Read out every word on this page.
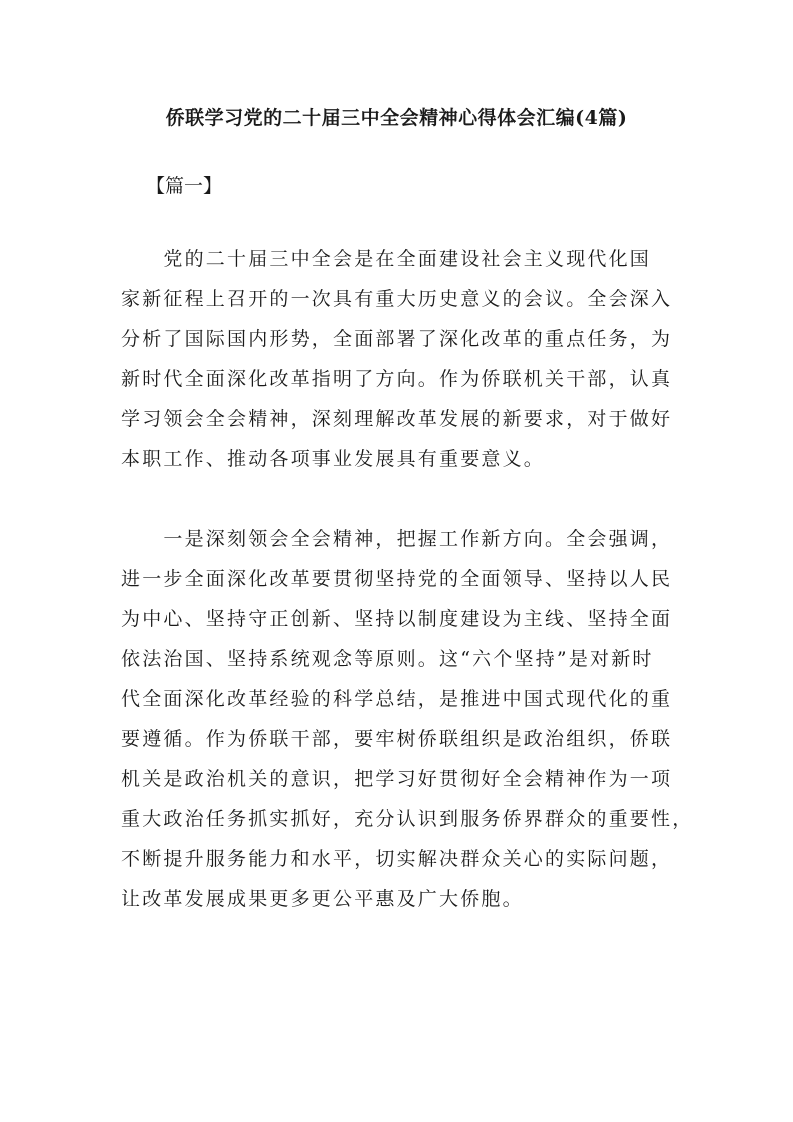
侨联学习党的二十届三中全会精神心得体会汇编(4篇)
【篇一】
　　党的二十届三中全会是在全面建设社会主义现代化国
家新征程上召开的一次具有重大历史意义的会议。全会深入
分析了国际国内形势，全面部署了深化改革的重点任务，为
新时代全面深化改革指明了方向。作为侨联机关干部，认真
学习领会全会精神，深刻理解改革发展的新要求，对于做好
本职工作、推动各项事业发展具有重要意义。
　　一是深刻领会全会精神，把握工作新方向。全会强调，
进一步全面深化改革要贯彻坚持党的全面领导、坚持以人民
为中心、坚持守正创新、坚持以制度建设为主线、坚持全面
依法治国、坚持系统观念等原则。这“六个坚持”是对新时
代全面深化改革经验的科学总结，是推进中国式现代化的重
要遵循。作为侨联干部，要牢树侨联组织是政治组织，侨联
机关是政治机关的意识，把学习好贯彻好全会精神作为一项
重大政治任务抓实抓好，充分认识到服务侨界群众的重要性，
不断提升服务能力和水平，切实解决群众关心的实际问题，
让改革发展成果更多更公平惠及广大侨胞。
